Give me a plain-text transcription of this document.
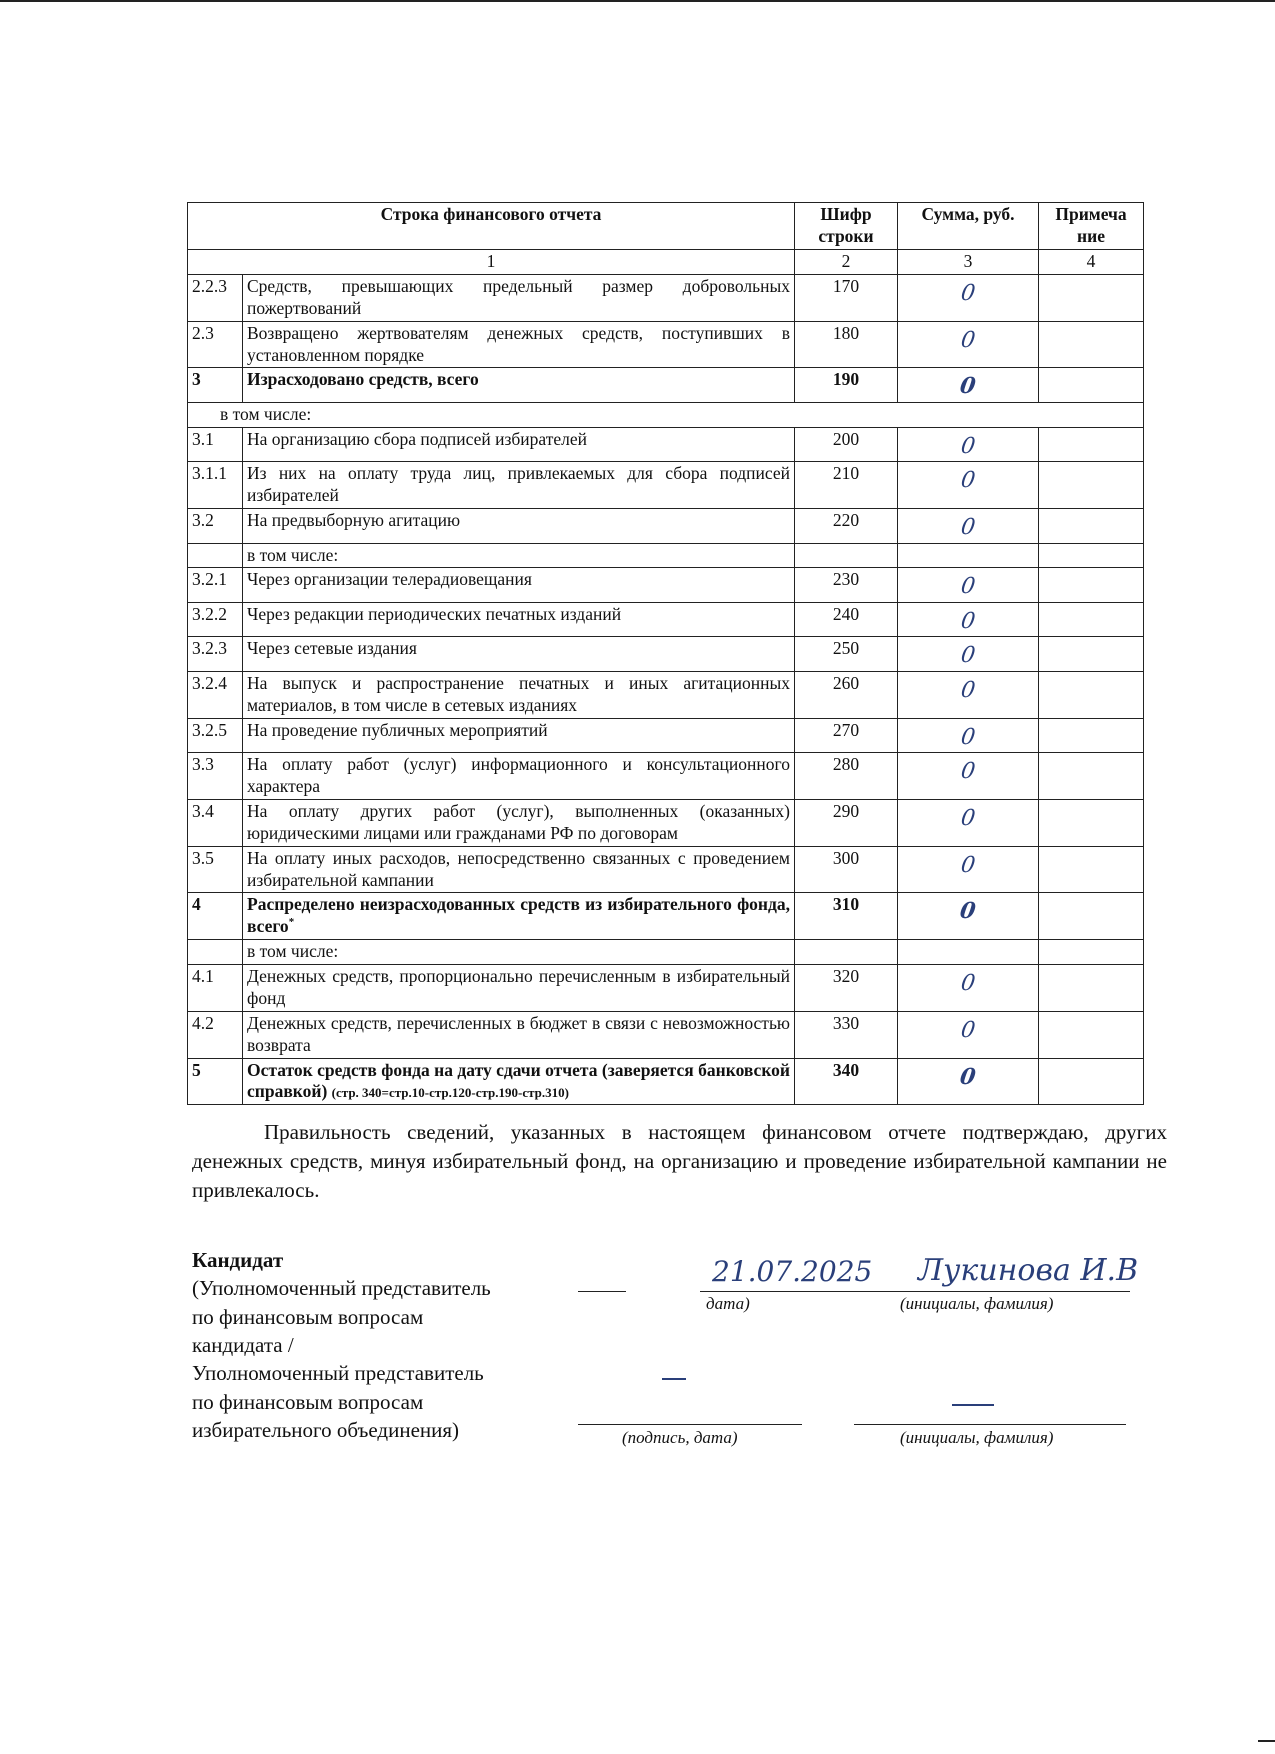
Строка финансового отчета		Шифр строки	Сумма, руб.	Примеча ние
1		2	3	4
2.2.3	Средств, превышающих предельный размер добровольных пожертвований	170	0	
2.3	Возвращено жертвователям денежных средств, поступивших в установленном порядке	180	0	
3	Израсходовано средств, всего	190	0	
в том числе:				
3.1	На организацию сбора подписей избирателей	200	0	
3.1.1	Из них на оплату труда лиц, привлекаемых для сбора подписей избирателей	210	0	
3.2	На предвыборную агитацию	220	0	
	в том числе:			
3.2.1	Через организации телерадиовещания	230	0	
3.2.2	Через редакции периодических печатных изданий	240	0	
3.2.3	Через сетевые издания	250	0	
3.2.4	На выпуск и распространение печатных и иных агитационных материалов, в том числе в сетевых изданиях	260	0	
3.2.5	На проведение публичных мероприятий	270	0	
3.3	На оплату работ (услуг) информационного и консультационного характера	280	0	
3.4	На оплату других работ (услуг), выполненных (оказанных) юридическими лицами или гражданами РФ по договорам	290	0	
3.5	На оплату иных расходов, непосредственно связанных с проведением избирательной кампании	300	0	
4	Распределено неизрасходованных средств из избирательного фонда, всего*	310	0	
	в том числе:			
4.1	Денежных средств, пропорционально перечисленным в избирательный фонд	320	0	
4.2	Денежных средств, перечисленных в бюджет в связи с невозможностью возврата	330	0	
5	Остаток средств фонда на дату сдачи отчета (заверяется банковской справкой) (стр. 340=стр.10-стр.120-стр.190-стр.310)	340	0	
Правильность сведений, указанных в настоящем финансовом отчете подтверждаю, других денежных средств, минуя избирательный фонд, на организацию и проведение избирательной кампании не привлекалось.
Кандидат
(Уполномоченный представитель
по финансовым вопросам
кандидата /
Уполномоченный представитель
по финансовым вопросам
избирательного объединения)
21.07.2025 Лукинова И.В
дата)	(инициалы, фамилия)
(подпись, дата)	(инициалы, фамилия)
